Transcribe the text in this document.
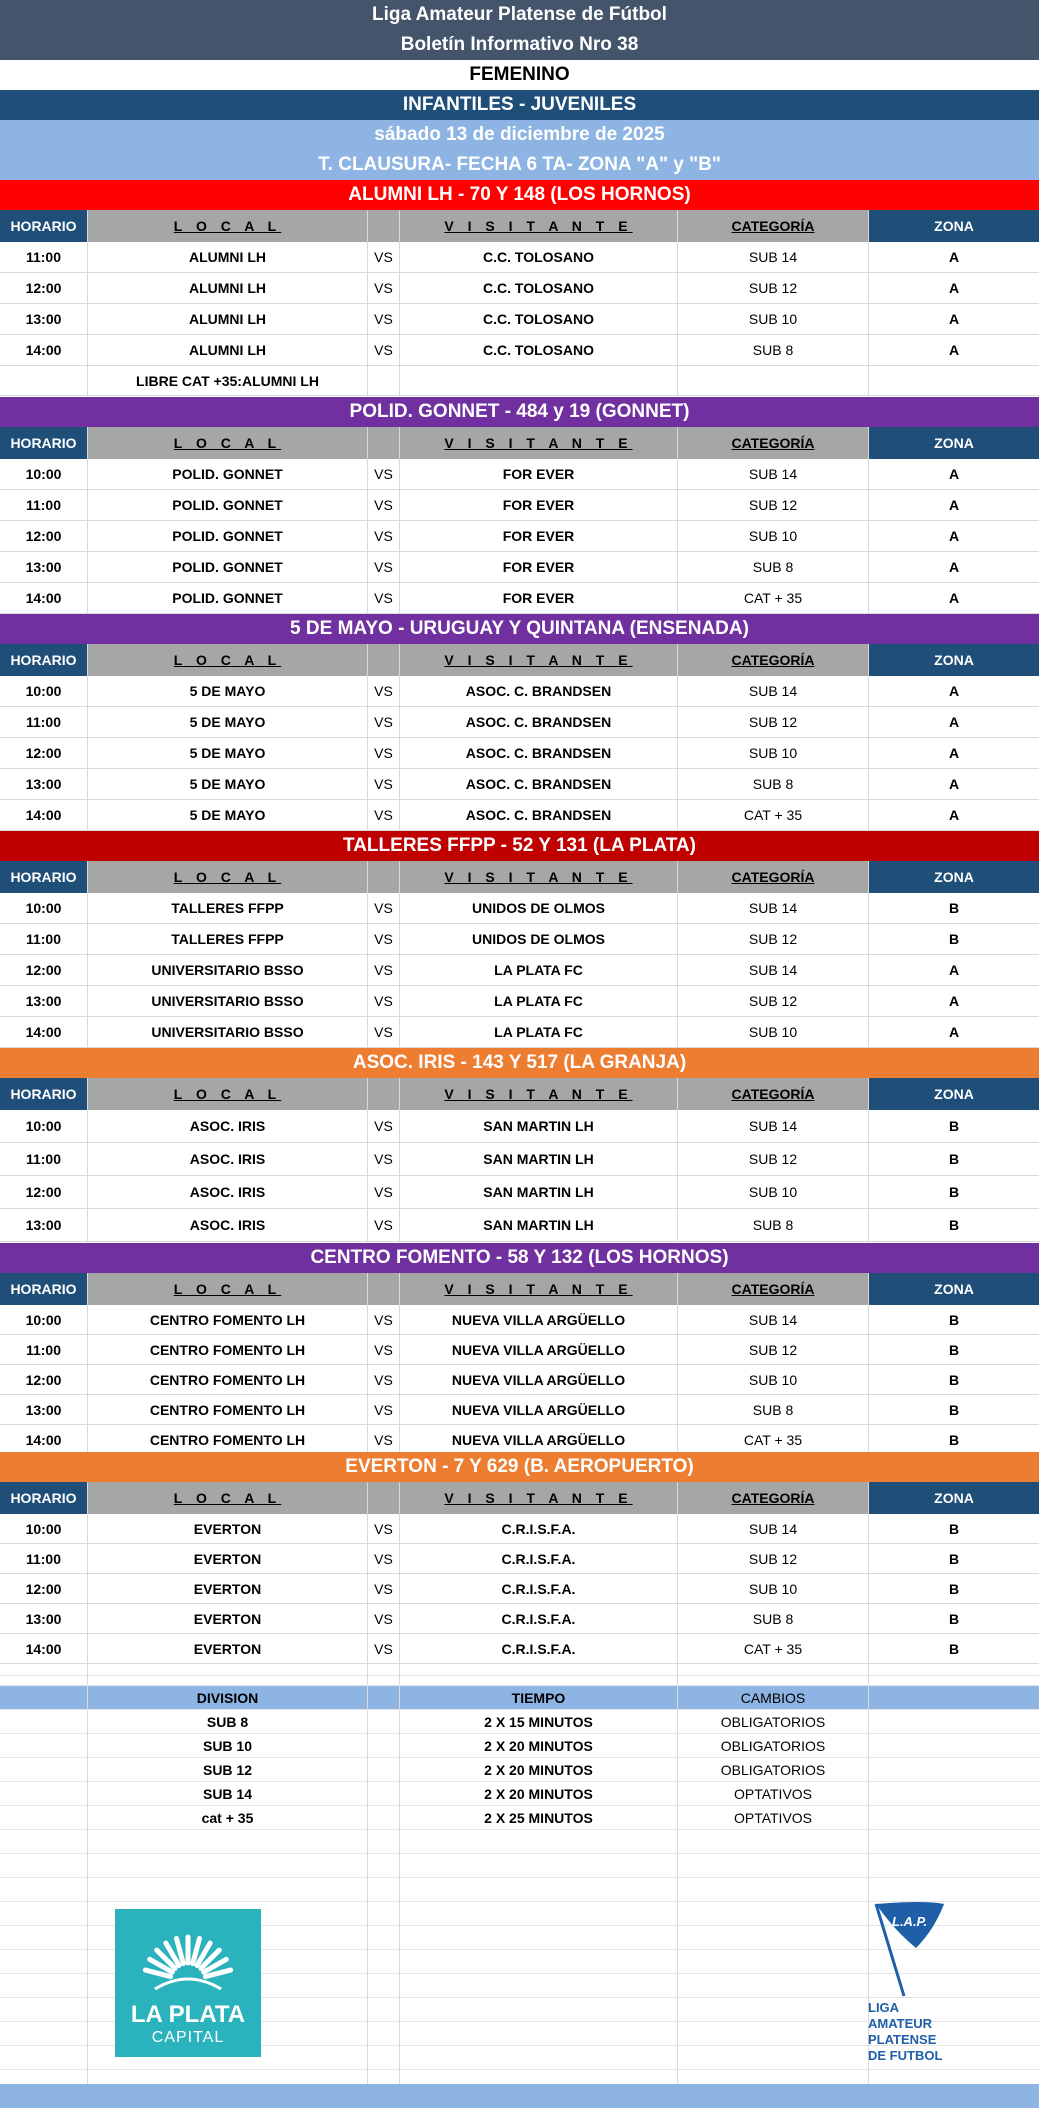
Liga Amateur Platense de Fútbol
Boletín Informativo Nro 38
FEMENINO
INFANTILES - JUVENILES
sábado 13 de diciembre de 2025
T. CLAUSURA- FECHA 6 TA- ZONA "A" y "B"
ALUMNI LH - 70 Y 148 (LOS HORNOS)
HORARIO	L O C A L	V I S I T A N T E	CATEGORÍA	ZONA
11:00	ALUMNI LH	VS	C.C. TOLOSANO	SUB 14	A
12:00	ALUMNI LH	VS	C.C. TOLOSANO	SUB 12	A
13:00	ALUMNI LH	VS	C.C. TOLOSANO	SUB 10	A
14:00	ALUMNI LH	VS	C.C. TOLOSANO	SUB 8	A
LIBRE CAT +35:ALUMNI LH
POLID. GONNET - 484 y 19 (GONNET)
HORARIO	L O C A L	V I S I T A N T E	CATEGORÍA	ZONA
10:00	POLID. GONNET	VS	FOR EVER	SUB 14	A
11:00	POLID. GONNET	VS	FOR EVER	SUB 12	A
12:00	POLID. GONNET	VS	FOR EVER	SUB 10	A
13:00	POLID. GONNET	VS	FOR EVER	SUB 8	A
14:00	POLID. GONNET	VS	FOR EVER	CAT + 35	A
5 DE MAYO - URUGUAY Y QUINTANA (ENSENADA)
HORARIO	L O C A L	V I S I T A N T E	CATEGORÍA	ZONA
10:00	5 DE MAYO	VS	ASOC. C. BRANDSEN	SUB 14	A
11:00	5 DE MAYO	VS	ASOC. C. BRANDSEN	SUB 12	A
12:00	5 DE MAYO	VS	ASOC. C. BRANDSEN	SUB 10	A
13:00	5 DE MAYO	VS	ASOC. C. BRANDSEN	SUB 8	A
14:00	5 DE MAYO	VS	ASOC. C. BRANDSEN	CAT + 35	A
TALLERES FFPP - 52 Y 131 (LA PLATA)
HORARIO	L O C A L	V I S I T A N T E	CATEGORÍA	ZONA
10:00	TALLERES FFPP	VS	UNIDOS DE OLMOS	SUB 14	B
11:00	TALLERES FFPP	VS	UNIDOS DE OLMOS	SUB 12	B
12:00	UNIVERSITARIO BSSO	VS	LA PLATA FC	SUB 14	A
13:00	UNIVERSITARIO BSSO	VS	LA PLATA FC	SUB 12	A
14:00	UNIVERSITARIO BSSO	VS	LA PLATA FC	SUB 10	A
ASOC. IRIS - 143 Y 517 (LA GRANJA)
HORARIO	L O C A L	V I S I T A N T E	CATEGORÍA	ZONA
10:00	ASOC. IRIS	VS	SAN MARTIN LH	SUB 14	B
11:00	ASOC. IRIS	VS	SAN MARTIN LH	SUB 12	B
12:00	ASOC. IRIS	VS	SAN MARTIN LH	SUB 10	B
13:00	ASOC. IRIS	VS	SAN MARTIN LH	SUB 8	B
CENTRO FOMENTO - 58 Y 132 (LOS HORNOS)
HORARIO	L O C A L	V I S I T A N T E	CATEGORÍA	ZONA
10:00	CENTRO FOMENTO LH	VS	NUEVA VILLA ARGÜELLO	SUB 14	B
11:00	CENTRO FOMENTO LH	VS	NUEVA VILLA ARGÜELLO	SUB 12	B
12:00	CENTRO FOMENTO LH	VS	NUEVA VILLA ARGÜELLO	SUB 10	B
13:00	CENTRO FOMENTO LH	VS	NUEVA VILLA ARGÜELLO	SUB 8	B
14:00	CENTRO FOMENTO LH	VS	NUEVA VILLA ARGÜELLO	CAT + 35	B
EVERTON - 7 Y 629 (B. AEROPUERTO)
HORARIO	L O C A L	V I S I T A N T E	CATEGORÍA	ZONA
10:00	EVERTON	VS	C.R.I.S.F.A.	SUB 14	B
11:00	EVERTON	VS	C.R.I.S.F.A.	SUB 12	B
12:00	EVERTON	VS	C.R.I.S.F.A.	SUB 10	B
13:00	EVERTON	VS	C.R.I.S.F.A.	SUB 8	B
14:00	EVERTON	VS	C.R.I.S.F.A.	CAT + 35	B
DIVISION	TIEMPO	CAMBIOS
SUB 8	2 X 15 MINUTOS	OBLIGATORIOS
SUB 10	2 X 20 MINUTOS	OBLIGATORIOS
SUB 12	2 X 20 MINUTOS	OBLIGATORIOS
SUB 14	2 X 20 MINUTOS	OPTATIVOS
cat + 35	2 X 25 MINUTOS	OPTATIVOS
LA PLATA
CAPITAL
L.A.P.
LIGA
AMATEUR
PLATENSE
DE FUTBOL
